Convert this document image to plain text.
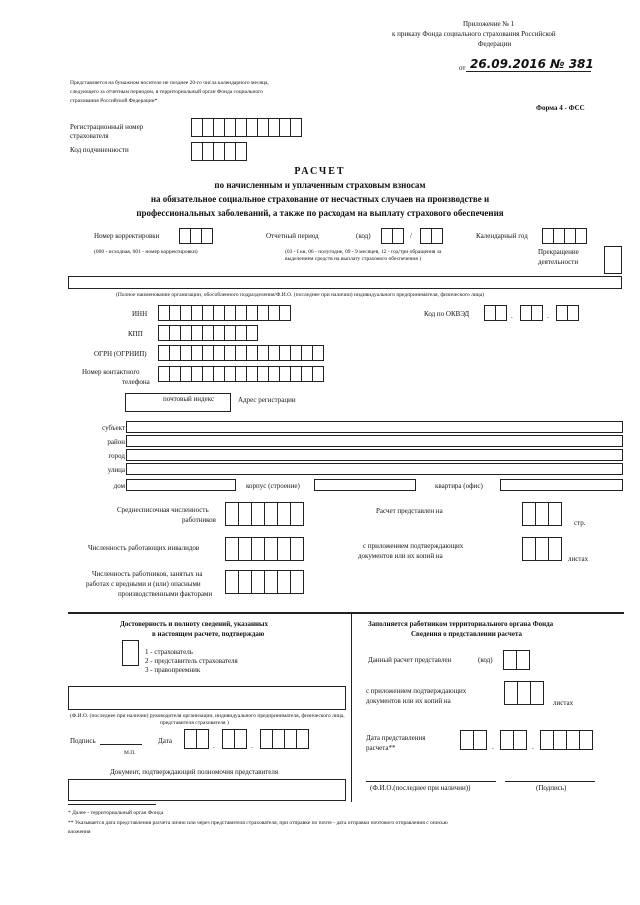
Приложение № 1
к приказу Фонда социального страхования Российской
Федерации
от 26.09.2016 № 381
Представляется на бумажном носителе не позднее 20-го числа календарного месяца,
следующего за отчетным периодом, в территориальный орган Фонда социального
страхования Российской Федерации*
Форма 4 - ФСС
Регистрационный номер
страхователя
Код подчиненности
РАСЧЕТ
по начисленным и уплаченным страховым взносам
на обязательное социальное страхование от несчастных случаев на производстве и
профессиональных заболеваний, а также по расходам на выплату страхового обеспечения
Номер корректировки
(000 - исходная, 001 - номер корректировки)
Отчетный период	(код)	/
(03 - I кв, 06 - полугодие, 09 - 9 месяцев, 12 - год/три обращения за
выделением средств на выплату страхового обеспечения )
Календарный год
Прекращение
деятельности
(Полное наименование организации, обособленного подразделения/Ф.И.О. (последнее при наличии) индивидуального предпринимателя, физического лица)
ИНН	Код по ОКВЭД	.	.
КПП
ОГРН (ОГРНИП)
Номер контактного
телефона
почтовый индекс	Адрес регистрации
субъект
район
город
улица
дом	корпус (строение)	квартира (офис)
Среднесписочная численность
работников
Численность работающих инвалидов
Численность работников, занятых на
работах с вредными и (или) опасными
производственными факторами
Расчет представлен на
стр.
с приложением подтверждающих
документов или их копий на	листах
Достоверность и полноту сведений, указанных
в настоящем расчете, подтверждаю
1 - страхователь
2 - представитель страхователя
3 - правопреемник
(Ф.И.О. (последнее при наличии) руководителя организации, индивидуального предпринимателя, физического лица,
представителя страхователя )
Подпись	Дата
.	.
М.П.
Документ, подтверждающий полномочия представителя
Заполняется работником территориального органа Фонда
Сведения о представлении расчета
Данный расчет представлен	(код)
с приложением подтверждающих
документов или их копий на	листах
Дата представления
расчета**	.	.
(Ф.И.О.(последнее при наличии))	(Подпись)
* Далее - территориальный орган Фонда
** Указывается дата представления расчета лично или через представителя страхователя, при отправке по почте - дата отправки почтового отправления с описью
вложения
